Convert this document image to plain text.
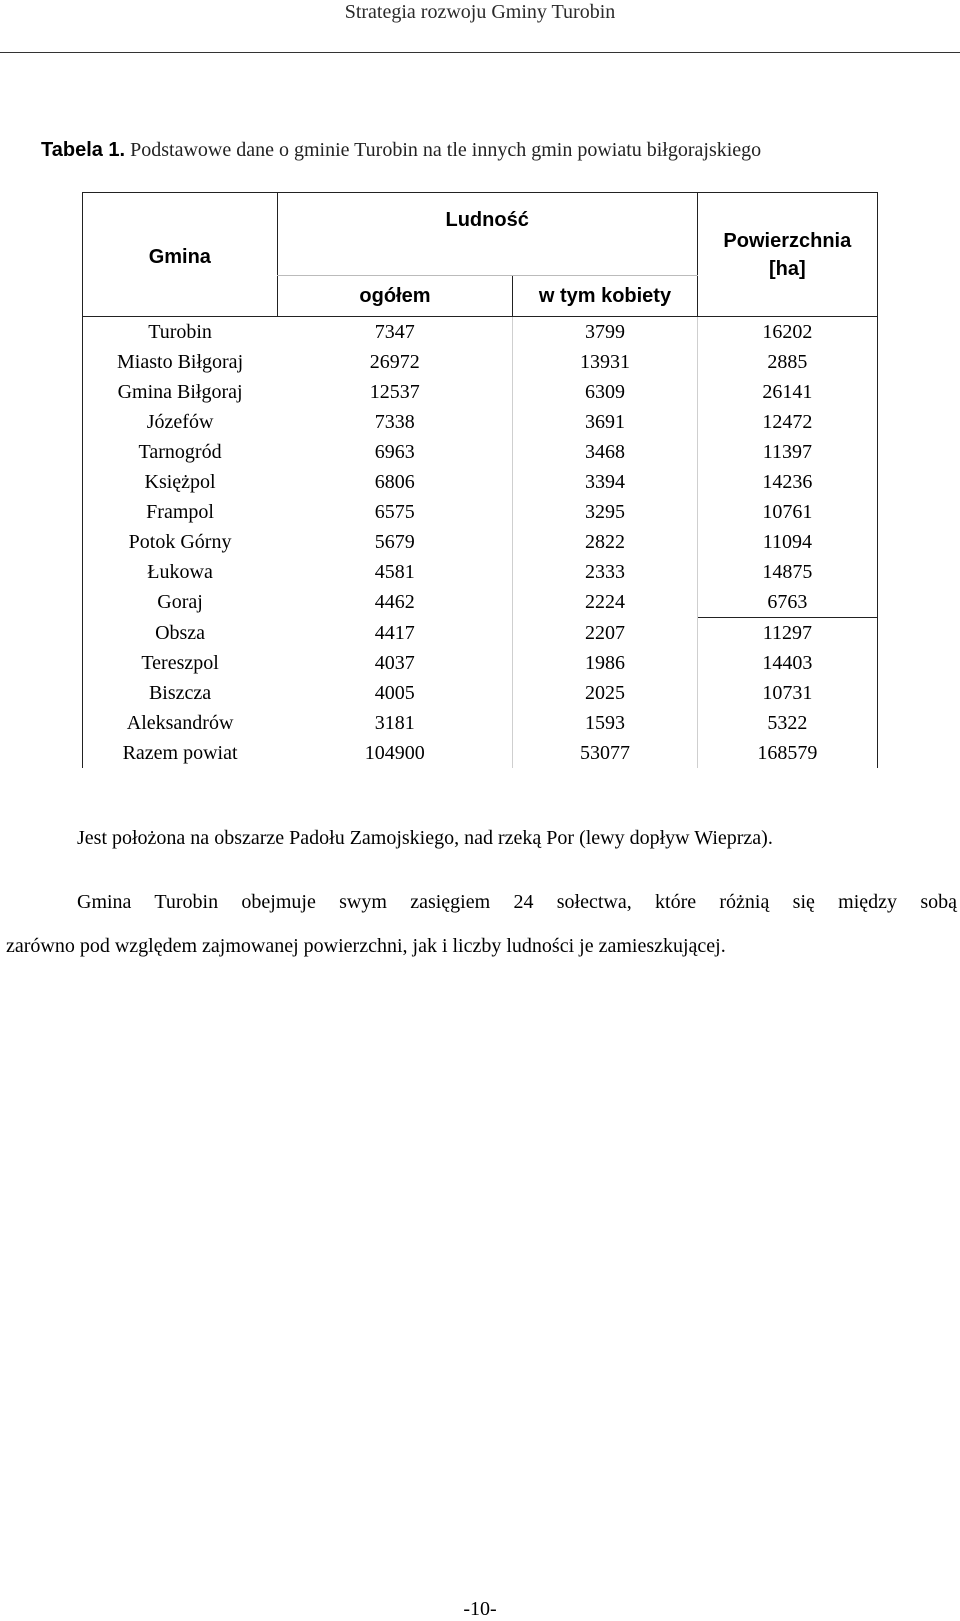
Strategia rozwoju Gminy Turobin
Tabela 1. Podstawowe dane o gminie Turobin na tle innych gmin powiatu biłgorajskiego
Gmina	Ludność		Powierzchnia [ha]
	ogółem	w tym kobiety	
Turobin	7347	3799	16202
Miasto Biłgoraj	26972	13931	2885
Gmina Biłgoraj	12537	6309	26141
Józefów	7338	3691	12472
Tarnogród	6963	3468	11397
Księżpol	6806	3394	14236
Frampol	6575	3295	10761
Potok Górny	5679	2822	11094
Łukowa	4581	2333	14875
Goraj	4462	2224	6763
Obsza	4417	2207	11297
Tereszpol	4037	1986	14403
Biszcza	4005	2025	10731
Aleksandrów	3181	1593	5322
Razem powiat	104900	53077	168579
Jest położona na obszarze Padołu Zamojskiego, nad rzeką Por (lewy dopływ Wieprza).
Gmina Turobin obejmuje swym zasięgiem 24 sołectwa, które różnią się między sobą
zarówno pod względem zajmowanej powierzchni, jak i liczby ludności je zamieszkującej.
-10-
